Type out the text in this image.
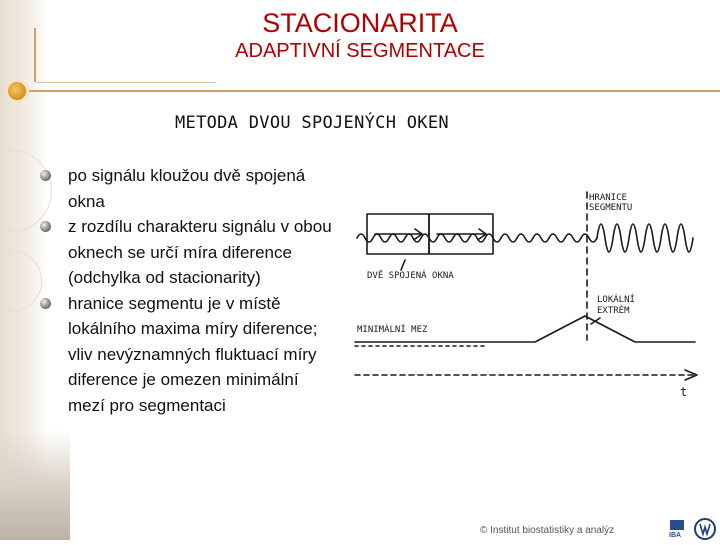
STACIONARITA
ADAPTIVNÍ SEGMENTACE
METODA DVOU SPOJENÝCH OKEN
po signálu kloužou dvě spojená okna
z rozdílu charakteru signálu v obou oknech se určí míra diference (odchylka od stacionarity)
hranice segmentu je v místě lokálního maxima míry diference; vliv nevýznamných fluktuací míry diference je omezen minimální mezí pro segmentaci
HRANICE
SEGMENTU
DVĚ SPOJENÁ OKNA
LOKÁLNÍ
EXTRÉM
MINIMÁLNÍ MEZ
t
© Institut biostatistiky a analýz	IBA
